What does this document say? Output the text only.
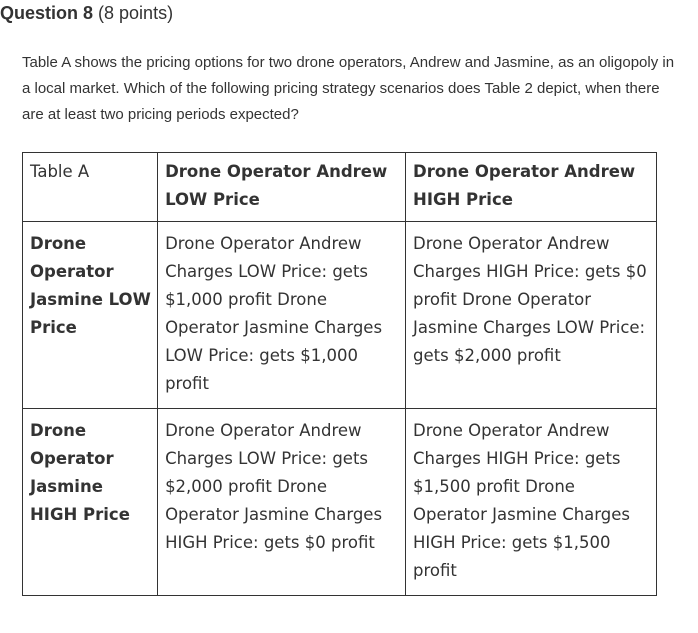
Question 8 (8 points)
Table A shows the pricing options for two drone operators, Andrew and Jasmine, as an oligopoly in a local market. Which of the following pricing strategy scenarios does Table 2 depict, when there are at least two pricing periods expected?
Table A	Drone Operator Andrew LOW Price	Drone Operator Andrew HIGH Price
Drone Operator Jasmine LOW Price	Drone Operator Andrew Charges LOW Price: gets $1,000 profit Drone Operator Jasmine Charges LOW Price: gets $1,000 profit	Drone Operator Andrew Charges HIGH Price: gets $0 profit Drone Operator Jasmine Charges LOW Price: gets $2,000 profit
Drone Operator Jasmine HIGH Price	Drone Operator Andrew Charges LOW Price: gets $2,000 profit Drone Operator Jasmine Charges HIGH Price: gets $0 profit	Drone Operator Andrew Charges HIGH Price: gets $1,500 profit Drone Operator Jasmine Charges HIGH Price: gets $1,500 profit
